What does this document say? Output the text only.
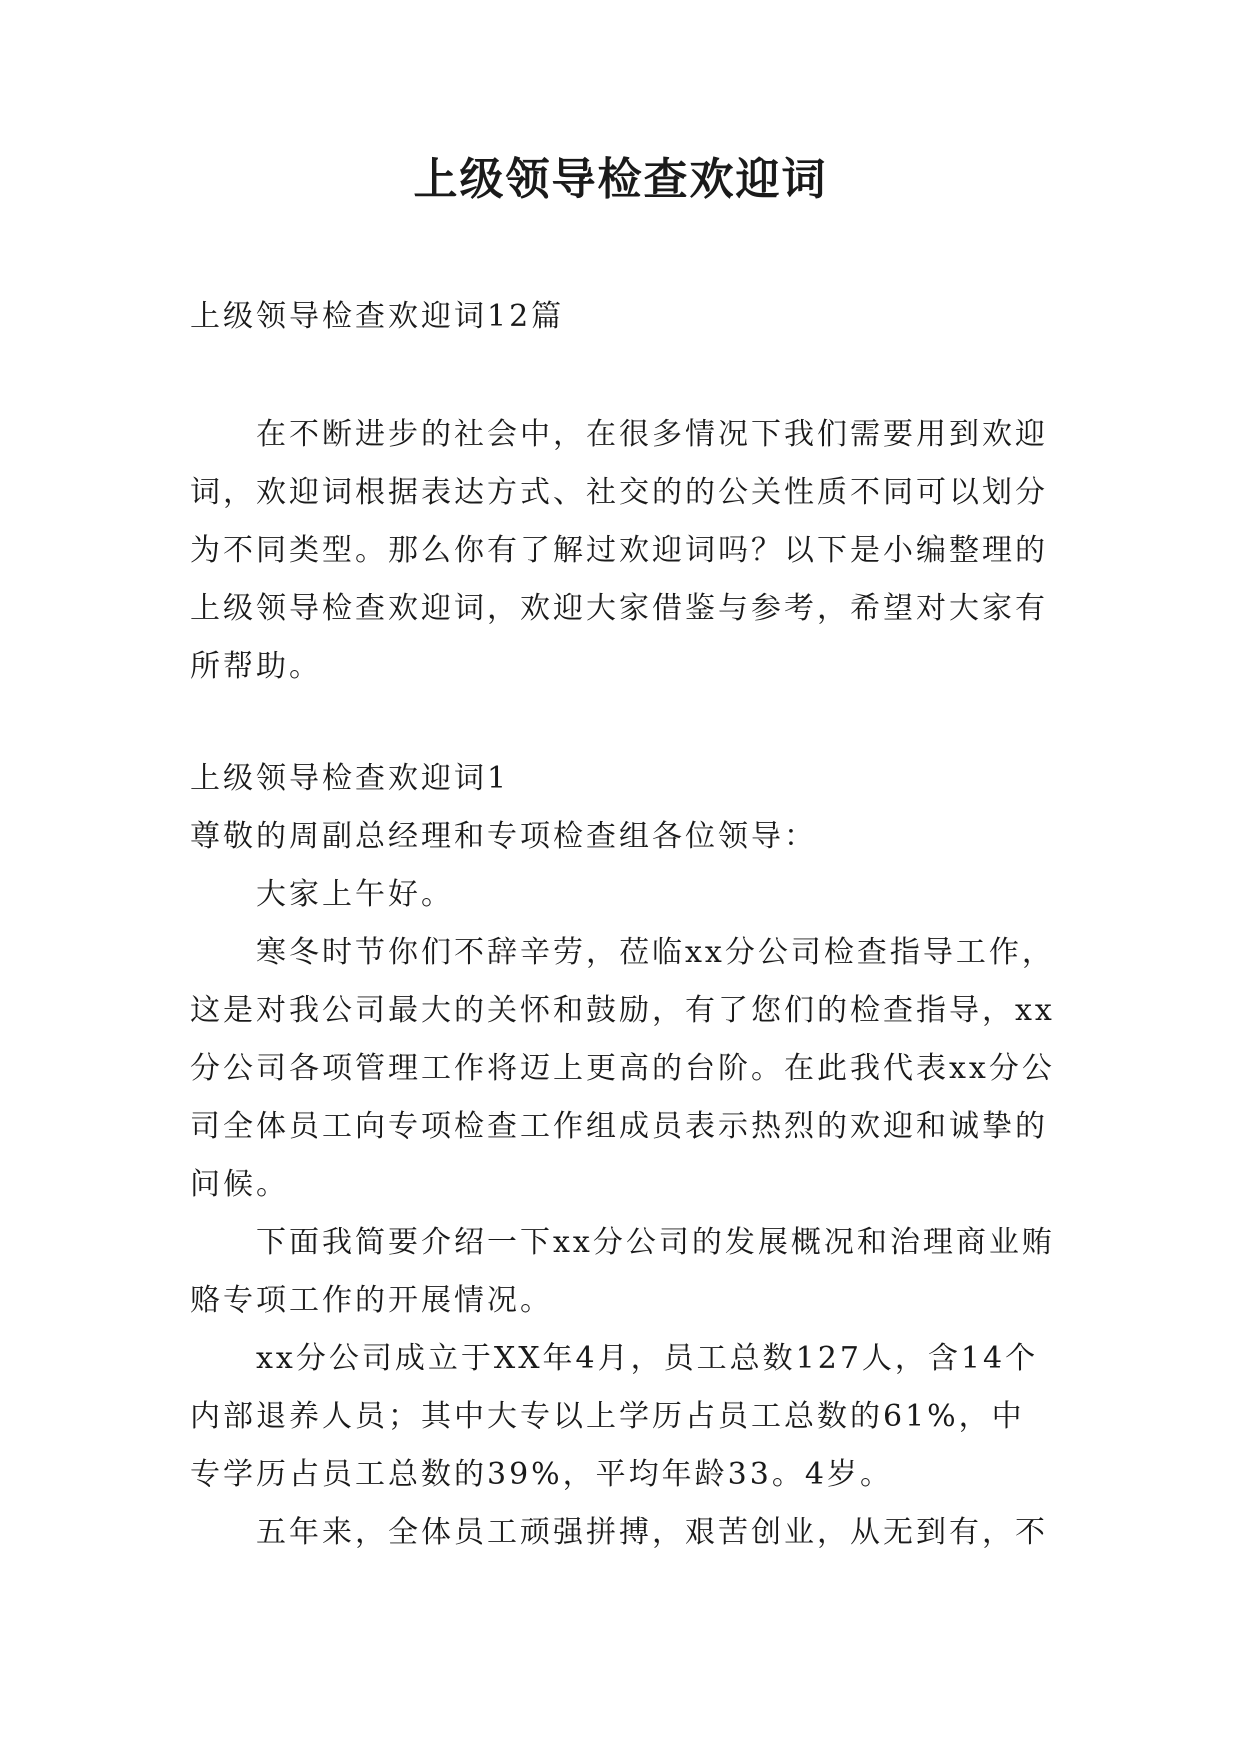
上级领导检查欢迎词

上级领导检查欢迎词12篇

在不断进步的社会中，在很多情况下我们需要用到欢迎词，欢迎词根据表达方式、社交的的公关性质不同可以划分为不同类型。那么你有了解过欢迎词吗？以下是小编整理的上级领导检查欢迎词，欢迎大家借鉴与参考，希望对大家有所帮助。

上级领导检查欢迎词1

尊敬的周副总经理和专项检查组各位领导：

大家上午好。

寒冬时节你们不辞辛劳，莅临xx分公司检查指导工作，这是对我公司最大的关怀和鼓励，有了您们的检查指导，xx分公司各项管理工作将迈上更高的台阶。在此我代表xx分公司全体员工向专项检查工作组成员表示热烈的欢迎和诚挚的问候。

下面我简要介绍一下xx分公司的发展概况和治理商业贿赂专项工作的开展情况。

xx分公司成立于XX年4月，员工总数127人，含14个内部退养人员；其中大专以上学历占员工总数的61%，中专学历占员工总数的39%，平均年龄33。4岁。

五年来，全体员工顽强拼搏，艰苦创业，从无到有，不
